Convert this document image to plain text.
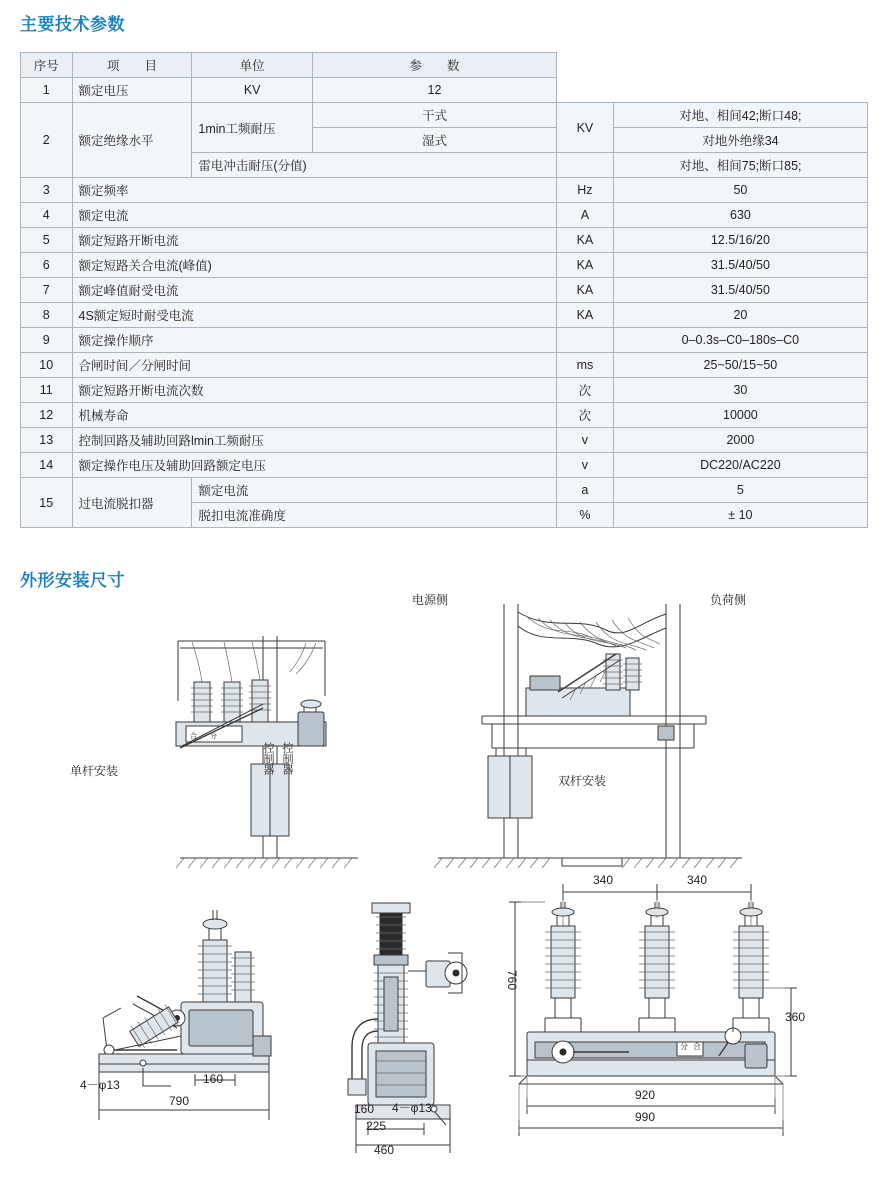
主要技术参数
外形安装尺寸
序号	项　　目	单位	参　　数		
1	额定电压	KV	12		
2	额定绝缘水平	1min工频耐压	干式	KV	对地、相间42;断口48;
			湿式		对地外绝缘34
		雷电冲击耐压(分值)			对地、相间75;断口85;
3	额定频率			Hz	50
4	额定电流			A	630
5	额定短路开断电流			KA	12.5/16/20
6	额定短路关合电流(峰值)			KA	31.5/40/50
7	额定峰值耐受电流			KA	31.5/40/50
8	4S额定短时耐受电流			KA	20
9	额定操作顺序				0–0.3s–C0–180s–C0
10	合闸时间／分闸时间			ms	25~50/15~50
11	额定短路开断电流次数			次	30
12	机械寿命			次	10000
13	控制回路及辅助回路lmin工频耐压			v	2000
14	额定操作电压及辅助回路额定电压			v	DC220/AC220
15	过电流脱扣器	额定电流		a	5
		脱扣电流准确度		%	± 10
合 分
单杆安装	控制器 控制器
电源侧	负荷侧
双杆安装
4－φ13	160
790
160 4－φ13
225
460
340	340
760
360
920
990
分 合
